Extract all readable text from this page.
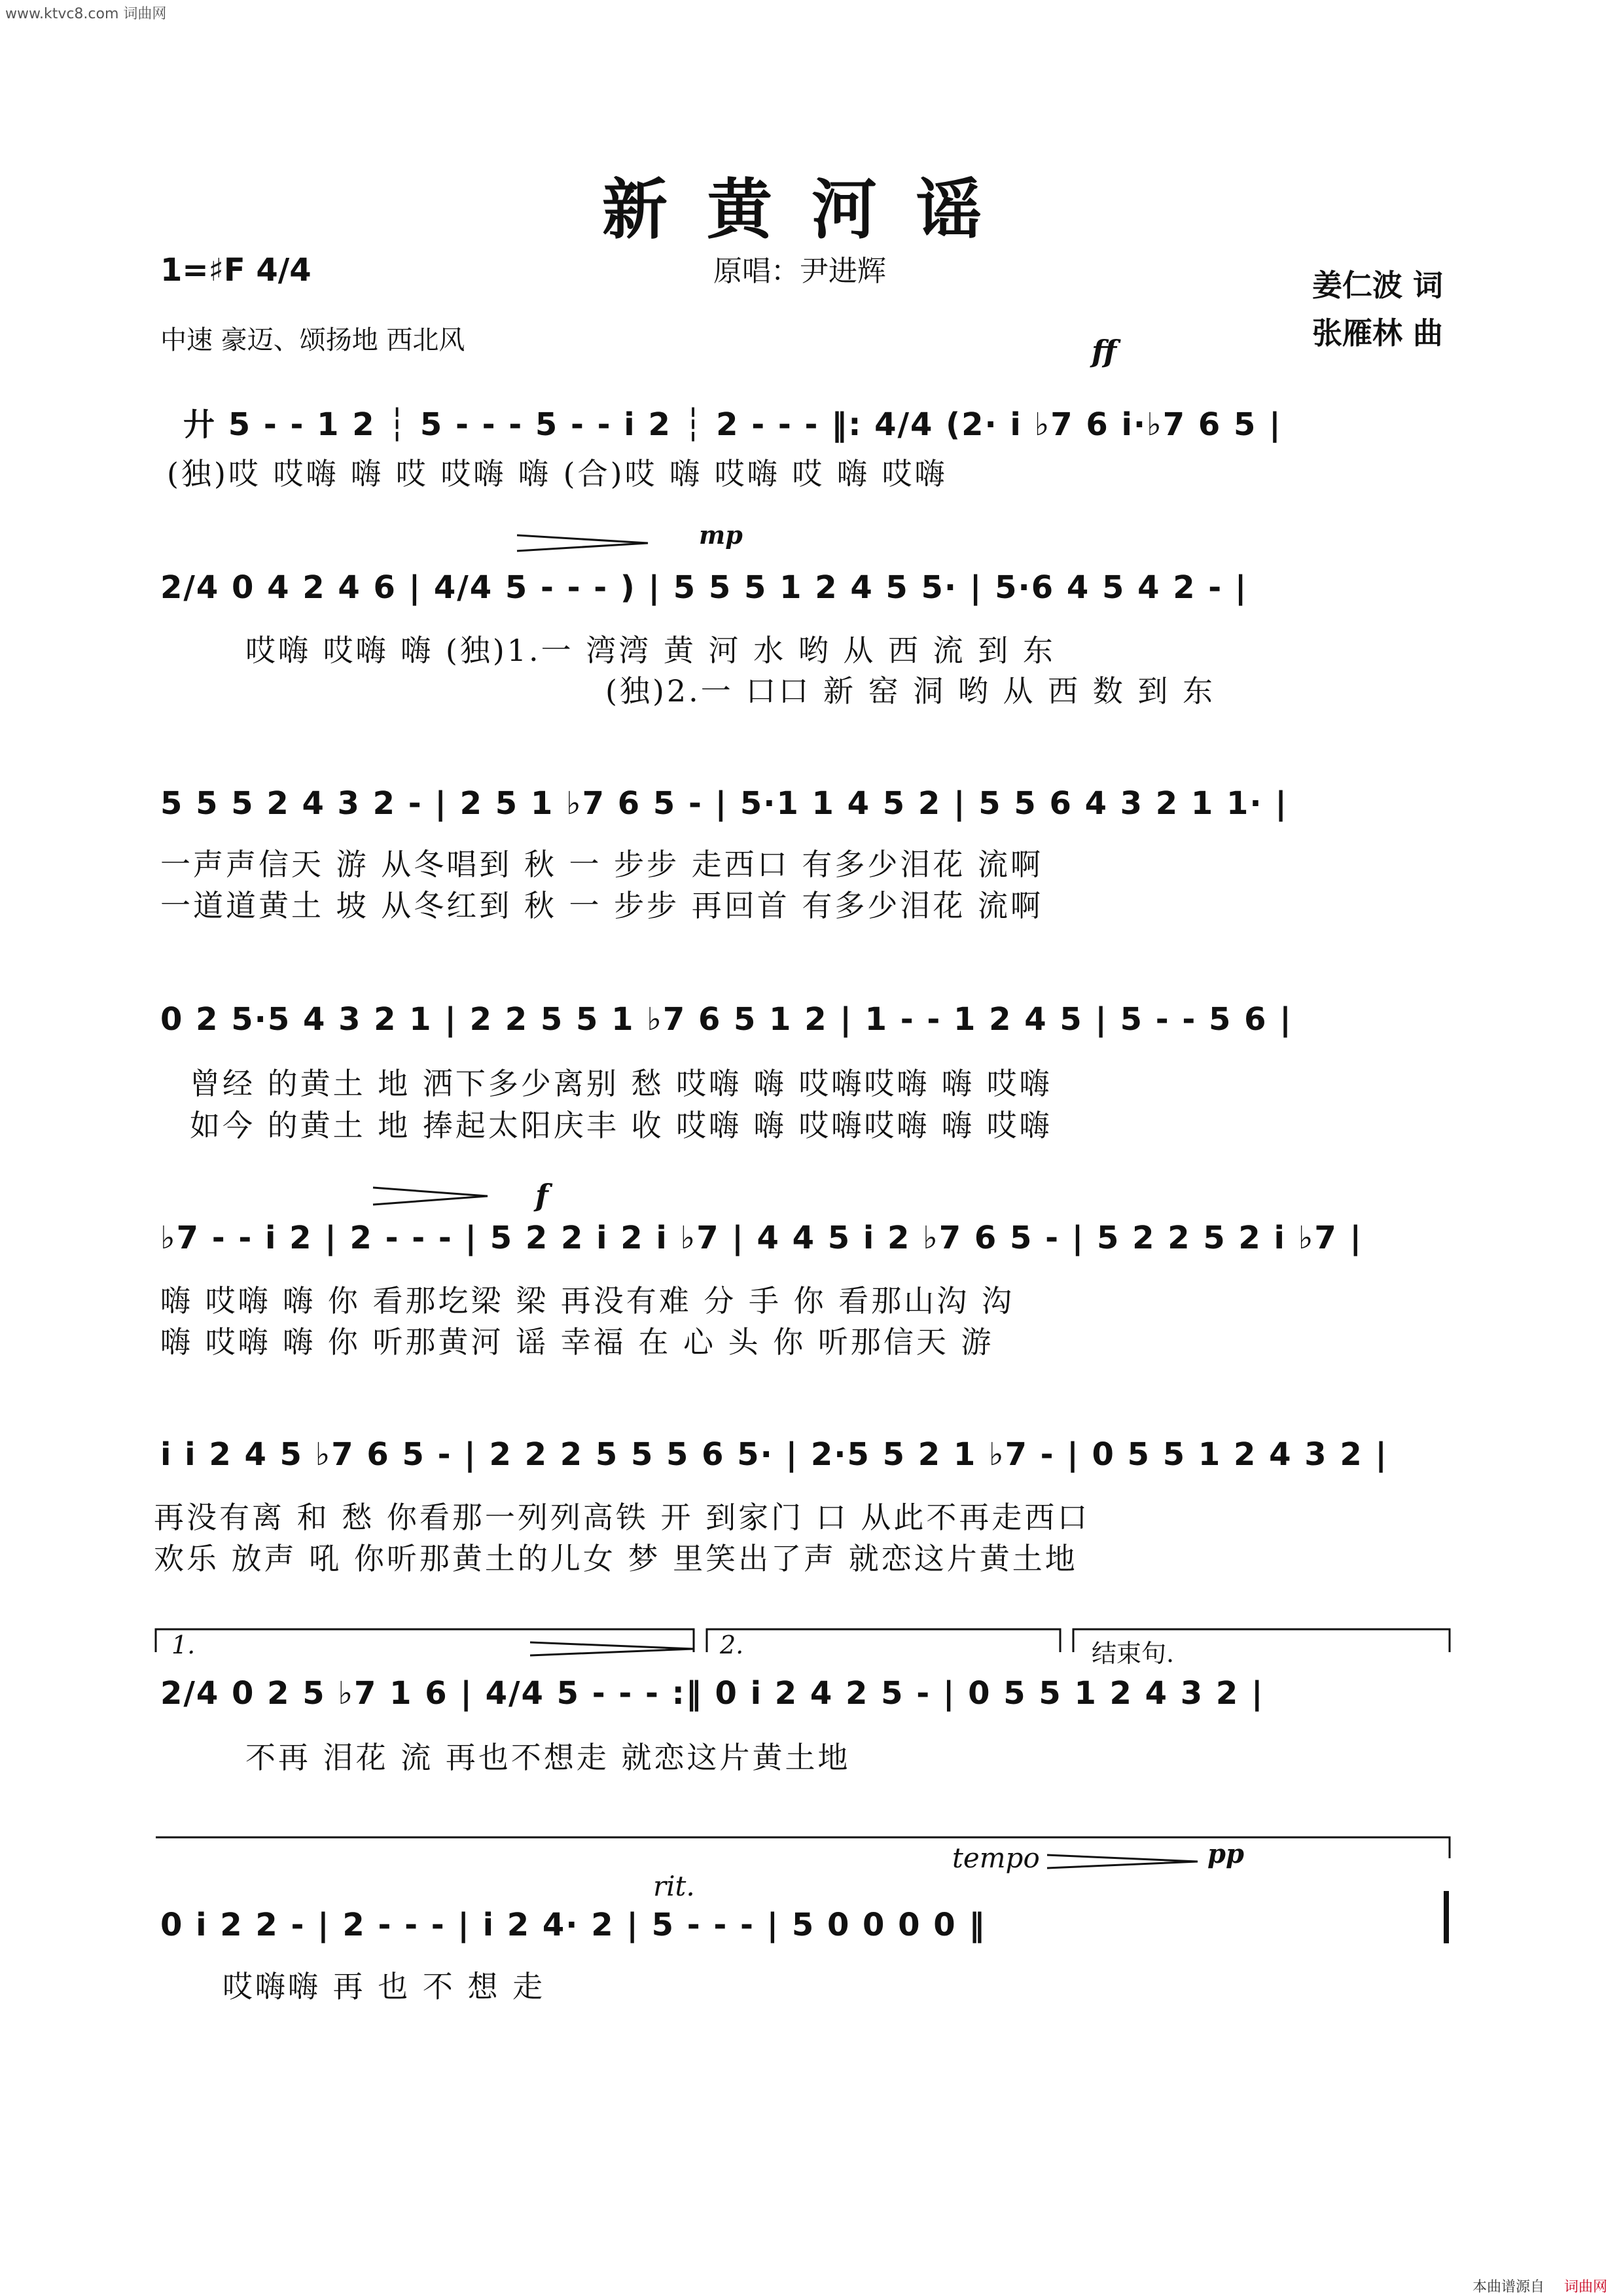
www.ktvc8.com 词曲网
新黄河谣
原唱：尹进辉
1=♯F 4/4	姜仁波 词
张雁林 曲
中速 豪迈、颂扬地 西北风	ff
mp
f
rit.
tempo	pp
1.	2.	结束句.
廾 5 - - 1 2 ┆ 5 - - - 5 - - i 2 ┆ 2 - - - ‖: 4/4 (2· i ♭7 6 i·♭7 6 5 |
(独)哎 哎嗨 嗨 哎 哎嗨 嗨 (合)哎 嗨 哎嗨 哎 嗨 哎嗨
2/4 0 4 2 4 6 | 4/4 5 - - - ) | 5 5 5 1 2 4 5 5· | 5·6 4 5 4 2 - |
哎嗨 哎嗨 嗨 (独)1.一 湾湾 黄 河 水 哟 从 西 流 到 东
(独)2.一 口口 新 窑 洞 哟 从 西 数 到 东
5 5 5 2 4 3 2 - | 2 5 1 ♭7 6 5 - | 5·1 1 4 5 2 | 5 5 6 4 3 2 1 1· |
一声声信天 游 从冬唱到 秋 一 步步 走西口 有多少泪花 流啊
一道道黄土 坡 从冬红到 秋 一 步步 再回首 有多少泪花 流啊
0 2 5·5 4 3 2 1 | 2 2 5 5 1 ♭7 6 5 1 2 | 1 - - 1 2 4 5 | 5 - - 5 6 |
曾经 的黄土 地 洒下多少离别 愁 哎嗨 嗨 哎嗨哎嗨 嗨 哎嗨
如今 的黄土 地 捧起太阳庆丰 收 哎嗨 嗨 哎嗨哎嗨 嗨 哎嗨
♭7 - - i 2 | 2 - - - | 5 2 2 i 2 i ♭7 | 4 4 5 i 2 ♭7 6 5 - | 5 2 2 5 2 i ♭7 |
嗨 哎嗨 嗨 你 看那圪梁 梁 再没有难 分 手 你 看那山沟 沟
嗨 哎嗨 嗨 你 听那黄河 谣 幸福 在 心 头 你 听那信天 游
i i 2 4 5 ♭7 6 5 - | 2 2 2 5 5 5 6 5· | 2·5 5 2 1 ♭7 - | 0 5 5 1 2 4 3 2 |
再没有离 和 愁 你看那一列列高铁 开 到家门 口 从此不再走西口
欢乐 放声 吼 你听那黄土的儿女 梦 里笑出了声 就恋这片黄土地
2/4 0 2 5 ♭7 1 6 | 4/4 5 - - - :‖ 0 i 2 4 2 5 - | 0 5 5 1 2 4 3 2 |
不再 泪花 流 再也不想走 就恋这片黄土地
0 i 2 2 - | 2 - - - | i 2 4· 2 | 5 - - - | 5 0 0 0 0 ‖
哎嗨嗨 再 也 不 想 走
本曲谱源自 词曲网
